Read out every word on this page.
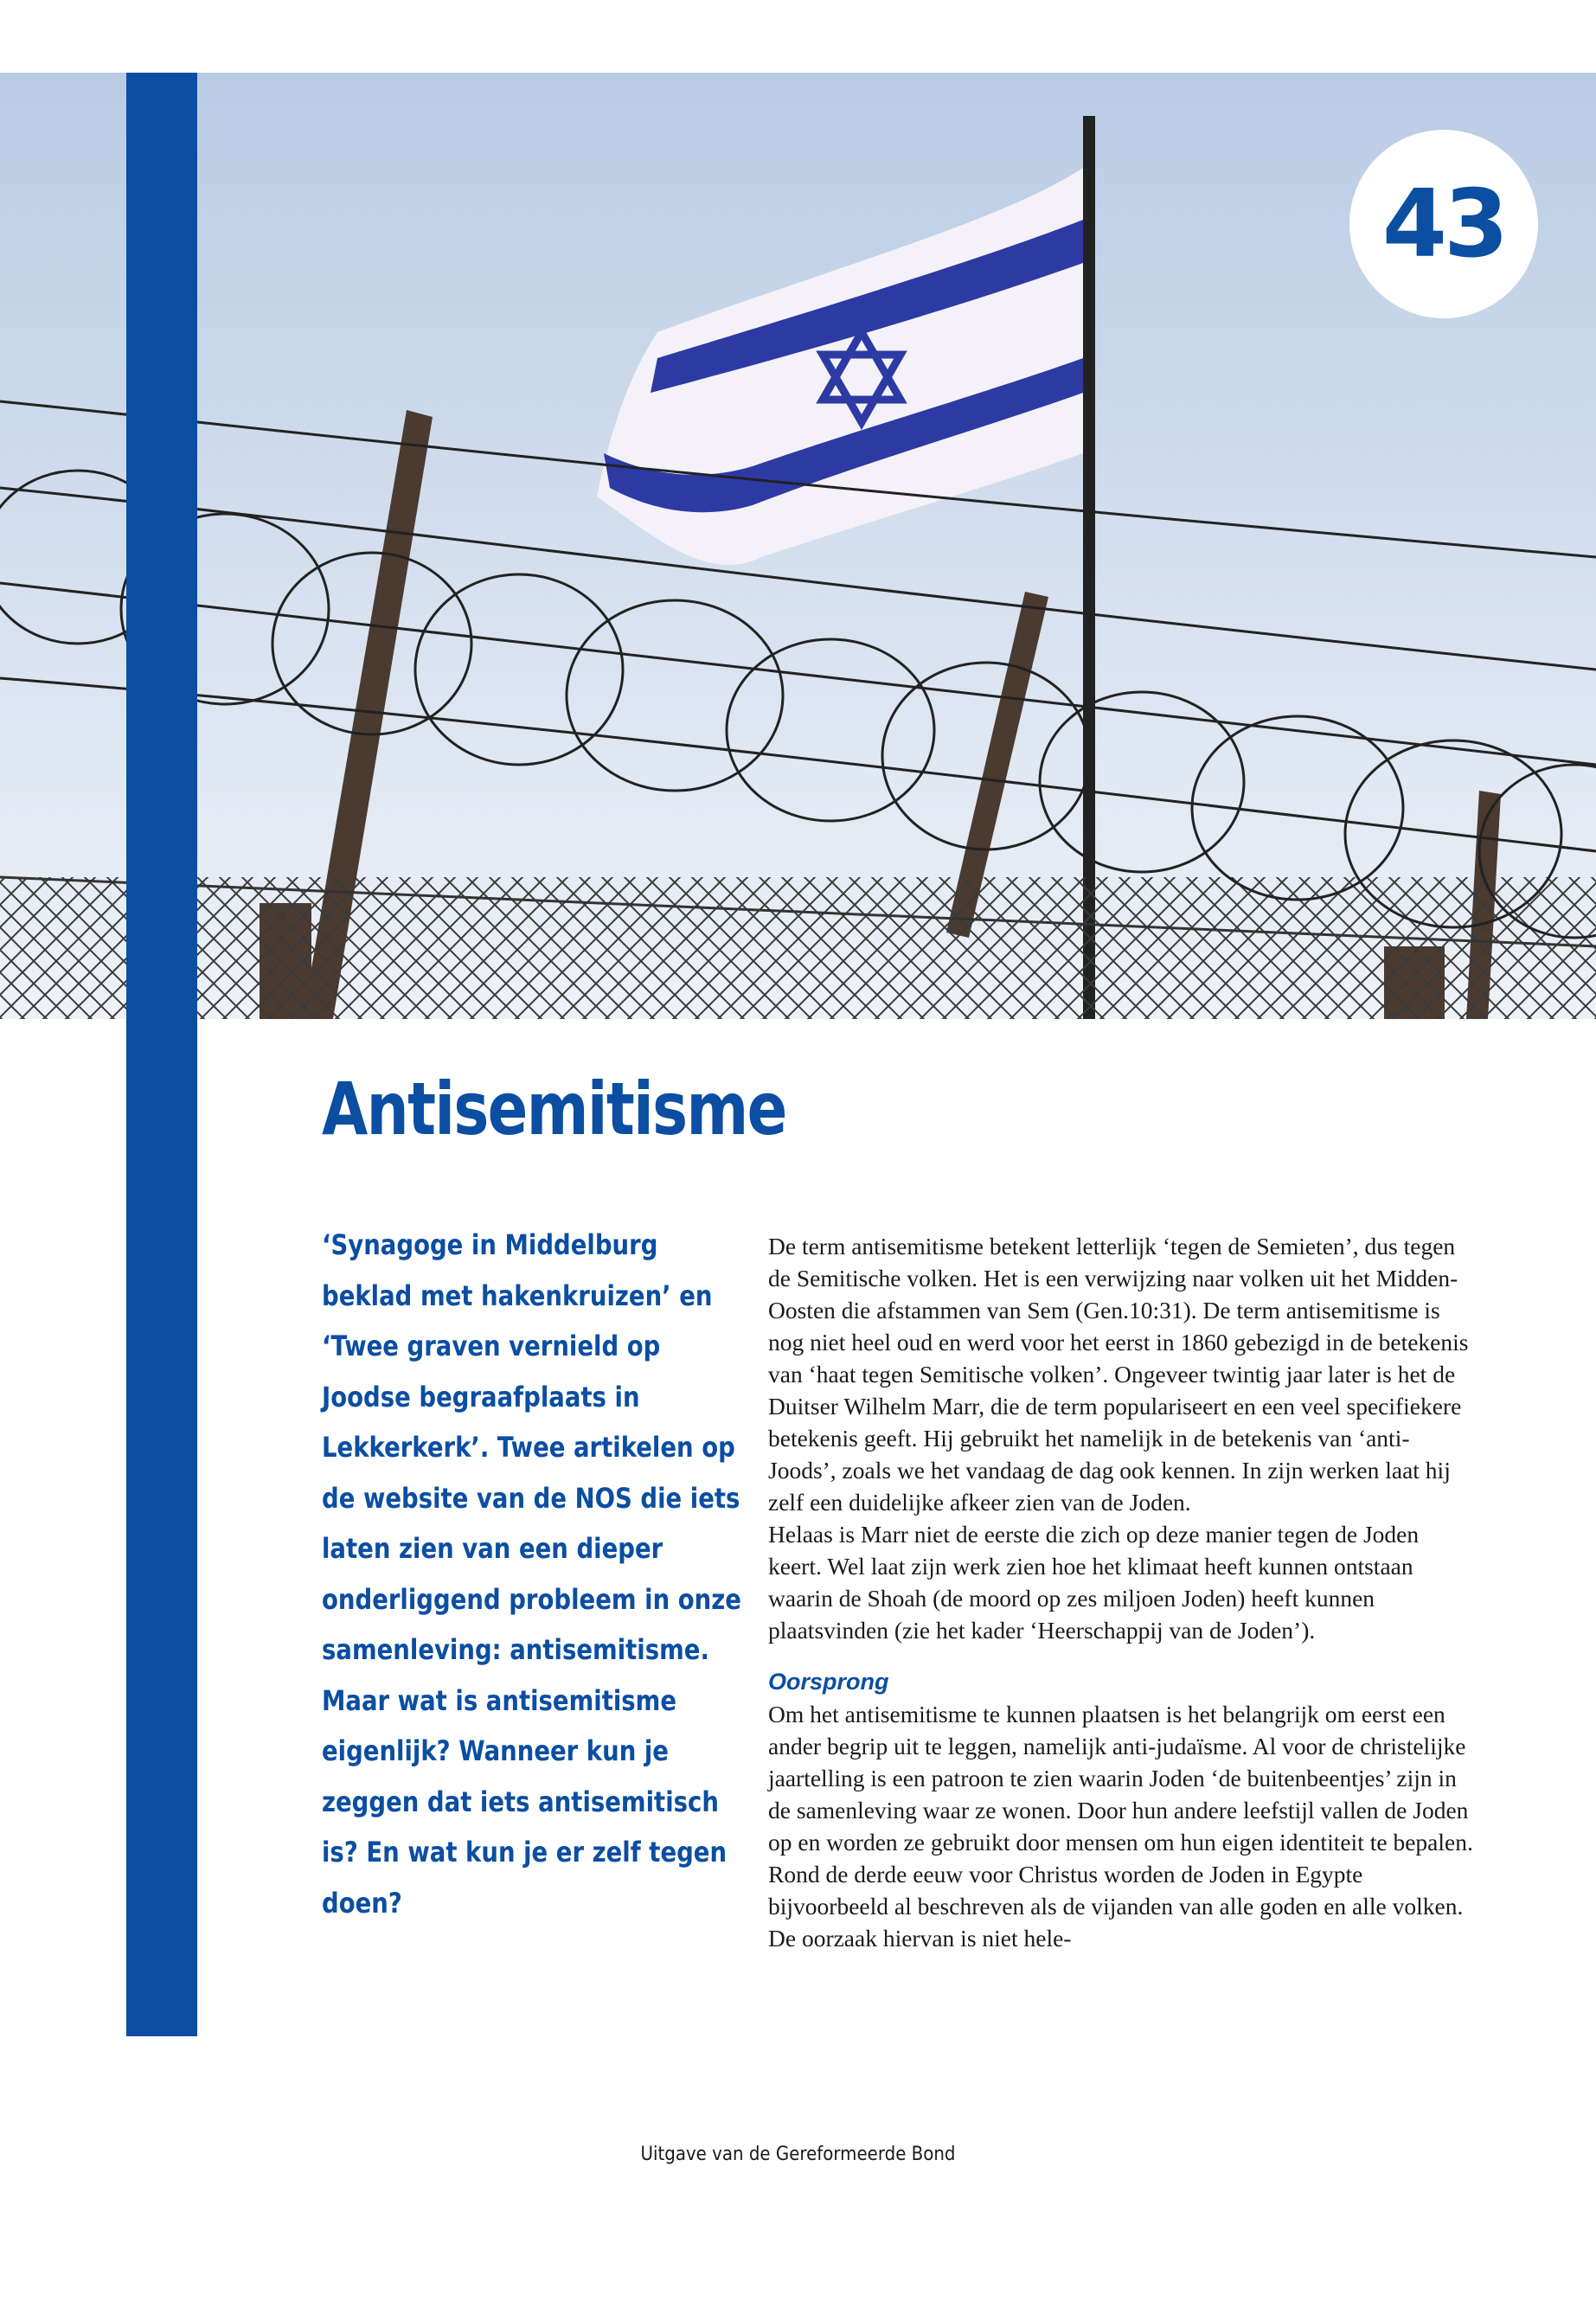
43
Antisemitisme

‘Synagoge in Middelburg beklad met hakenkruizen’ en ‘Twee graven vernield op Joodse begraafplaats in Lekkerkerk’. Twee artikelen op de website van de NOS die iets laten zien van een dieper onderliggend probleem in onze samenleving: antisemitisme. Maar wat is antisemitisme eigenlijk? Wanneer kun je zeggen dat iets antisemitisch is? En wat kun je er zelf tegen doen?

De term antisemitisme betekent letterlijk ‘tegen de Semieten’, dus tegen de Semitische volken. Het is een verwijzing naar volken uit het Midden-Oosten die afstammen van Sem (Gen.10:31). De term antisemitisme is nog niet heel oud en werd voor het eerst in 1860 gebezigd in de betekenis van ‘haat tegen Semitische volken’. Ongeveer twintig jaar later is het de Duitser Wilhelm Marr, die de term populariseert en een veel specifiekere betekenis geeft. Hij gebruikt het namelijk in de betekenis van ‘anti-Joods’, zoals we het vandaag de dag ook kennen. In zijn werken laat hij zelf een duidelijke afkeer zien van de Joden.

Helaas is Marr niet de eerste die zich op deze manier tegen de Joden keert. Wel laat zijn werk zien hoe het klimaat heeft kunnen ontstaan waarin de Shoah (de moord op zes miljoen Joden) heeft kunnen plaatsvinden (zie het kader ‘Heerschappij van de Joden’).

Oorsprong

Om het antisemitisme te kunnen plaatsen is het belangrijk om eerst een ander begrip uit te leggen, namelijk anti-judaïsme. Al voor de christelijke jaartelling is een patroon te zien waarin Joden ‘de buitenbeentjes’ zijn in de samenleving waar ze wonen. Door hun andere leefstijl vallen de Joden op en worden ze gebruikt door mensen om hun eigen identiteit te bepalen. Rond de derde eeuw voor Christus worden de Joden in Egypte bijvoorbeeld al beschreven als de vijanden van alle goden en alle volken. De oorzaak hiervan is niet hele-

Uitgave van de Gereformeerde Bond
